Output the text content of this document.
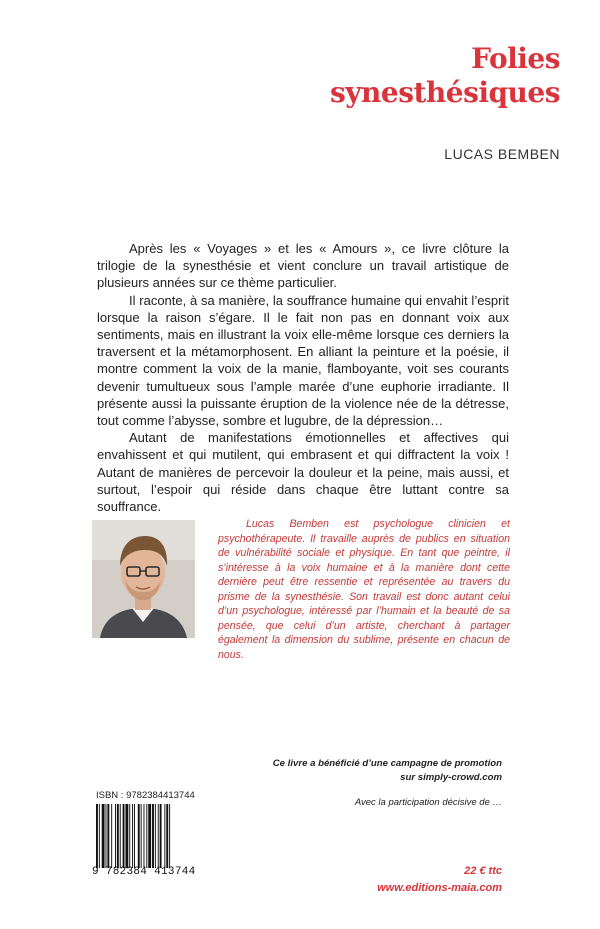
Folies
synesthésiques
LUCAS BEMBEN

Après les « Voyages » et les « Amours », ce livre clôture la trilogie de la synesthésie et vient conclure un travail artistique de plusieurs années sur ce thème particulier.

Il raconte, à sa manière, la souffrance humaine qui envahit l’esprit lorsque la raison s’égare. Il le fait non pas en donnant voix aux sentiments, mais en illustrant la voix elle-même lorsque ces derniers la traversent et la métamorphosent. En alliant la peinture et la poésie, il montre comment la voix de la manie, flamboyante, voit ses courants devenir tumultueux sous l’ample marée d’une euphorie irradiante. Il présente aussi la puissante éruption de la violence née de la détresse, tout comme l’abysse, sombre et lugubre, de la dépression…

Autant de manifestations émotionnelles et affectives qui envahissent et qui mutilent, qui embrasent et qui diffractent la voix ! Autant de manières de percevoir la douleur et la peine, mais aussi, et surtout, l’espoir qui réside dans chaque être luttant contre sa souffrance.

Lucas Bemben est psychologue clinicien et psychothérapeute. Il travaille auprès de publics en situation de vulnérabilité sociale et physique. En tant que peintre, il s’intéresse à la voix humaine et à la manière dont cette dernière peut être ressentie et représentée au travers du prisme de la synesthésie. Son travail est donc autant celui d’un psychologue, intéressé par l’humain et la beauté de sa pensée, que celui d’un artiste, cherchant à partager également la dimension du sublime, présente en chacun de nous.

Ce livre a bénéficié d’une campagne de promotion
sur simply-crowd.com
Avec la participation décisive de …
ISBN : 9782384413744
9 782384 413744	22 € ttc
www.editions-maia.com
